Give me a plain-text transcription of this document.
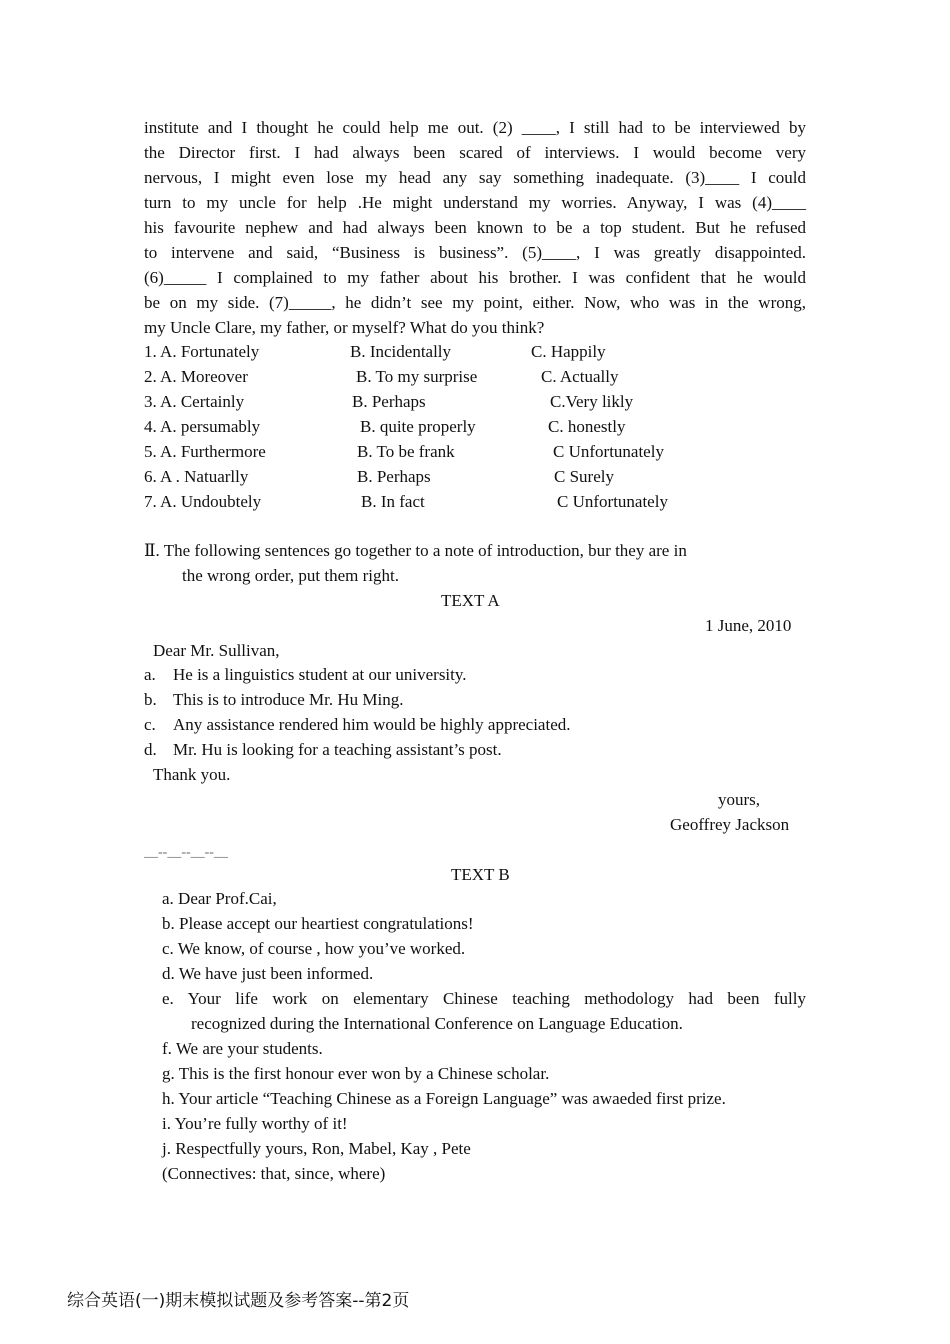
institute and I thought he could help me out. (2) ____, I still had to be interviewed by
the Director first. I had always been scared of interviews. I would become very
nervous, I might even lose my head any say something inadequate. (3)____ I could
turn to my uncle for help .He might understand my worries. Anyway, I was (4)____
his favourite nephew and had always been known to be a top student. But he refused
to intervene and said, “Business is business”. (5)____, I was greatly disappointed.
(6)_____ I complained to my father about his brother. I was confident that he would
be on my side. (7)_____, he didn’t see my point, either. Now, who was in the wrong,
my Uncle Clare, my father, or myself? What do you think?
1. A. Fortunately	B. Incidentally	C. Happily
2. A. Moreover	B. To my surprise	C. Actually
3. A. Certainly	B. Perhaps	C.Very likly
4. A. persumably	B. quite properly	C. honestly
5. A. Furthermore	B. To be frank	C Unfortunately
6. A . Natuarlly	B. Perhaps	C Surely
7. A. Undoubtely	B. In fact	C Unfortunately
Ⅱ. The following sentences go together to a note of introduction, bur they are in
the wrong order, put them right.
TEXT A
1 June, 2010
Dear Mr. Sullivan,
a. He is a linguistics student at our university.
b. This is to introduce Mr. Hu Ming.
c. Any assistance rendered him would be highly appreciated.
d. Mr. Hu is looking for a teaching assistant’s post.
Thank you.
yours,
Geoffrey Jackson
__--__--__--__
TEXT B
a. Dear Prof.Cai,
b. Please accept our heartiest congratulations!
c. We know, of course , how you’ve worked.
d. We have just been informed.
e. Your life work on elementary Chinese teaching methodology had been fully
recognized during the International Conference on Language Education.
f. We are your students.
g. This is the first honour ever won by a Chinese scholar.
h. Your article “Teaching Chinese as a Foreign Language” was awaeded first prize.
i. You’re fully worthy of it!
j. Respectfully yours, Ron, Mabel, Kay , Pete
(Connectives: that, since, where)
综合英语(一)期末模拟试题及参考答案--第2页
